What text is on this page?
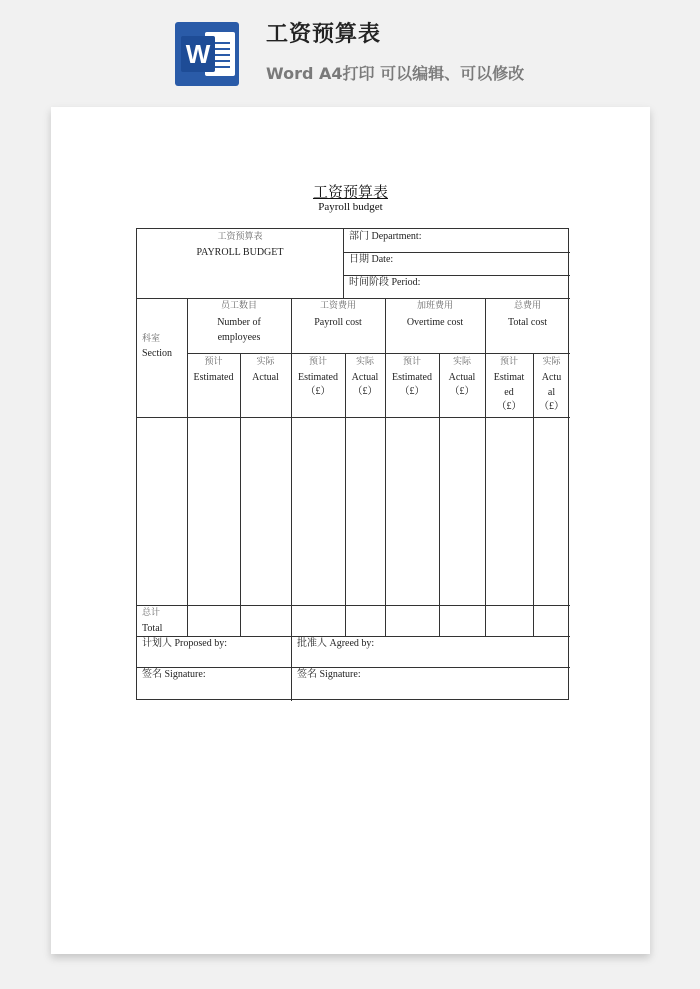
W
工资预算表
Word A4打印 可以编辑、可以修改
工资预算表
Payroll budget
工资预算表
PAYROLL BUDGET
部门 Department:
日期 Date:
时间阶段 Period:
科室
Section
员工数目
Number of
employees
工资费用
Payroll cost
加班费用
Overtime cost
总费用
Total cost
预计
Estimated
实际
Actual
预计
Estimated
（£）
实际
Actual
（£）
预计
Estimated
（£）
实际
Actual
（£）
预计
Estimat
ed
（£）
实际
Actu
al
（£）
总计
Total
计划人 Proposed by:	批准人 Agreed by:
签名 Signature:	签名 Signature:
